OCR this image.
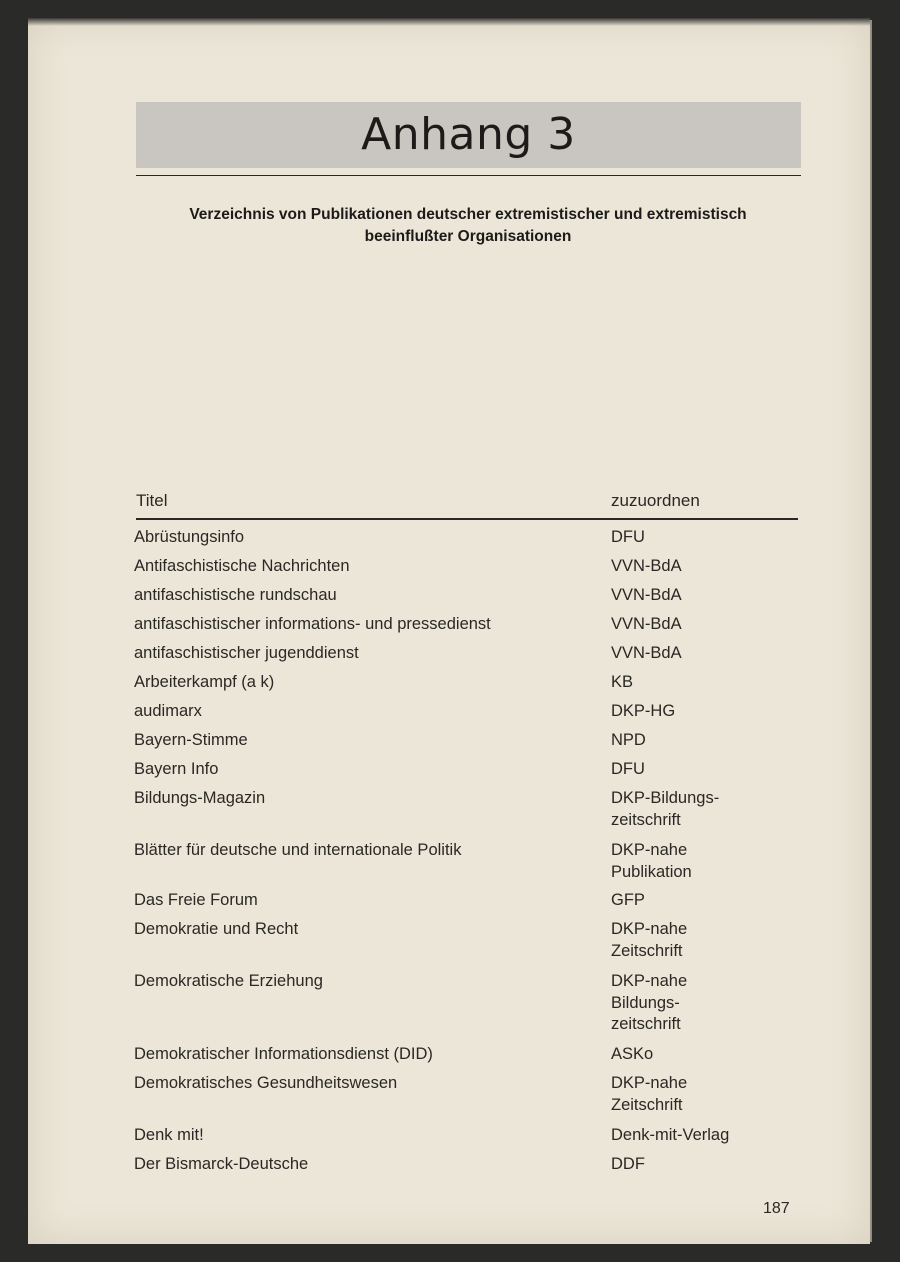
Anhang 3
Verzeichnis von Publikationen deutscher extremistischer und extremistisch
beeinflußter Organisationen
Titel	zuzuordnen
Abrüstungsinfo	DFU
Antifaschistische Nachrichten	VVN-BdA
antifaschistische rundschau	VVN-BdA
antifaschistischer informations- und pressedienst	VVN-BdA
antifaschistischer jugenddienst	VVN-BdA
Arbeiterkampf (a k)	KB
audimarx	DKP-HG
Bayern-Stimme	NPD
Bayern Info	DFU
Bildungs-Magazin	DKP-Bildungs-
zeitschrift
Blätter für deutsche und internationale Politik	DKP-nahe
Publikation
Das Freie Forum	GFP
Demokratie und Recht	DKP-nahe
Zeitschrift
Demokratische Erziehung	DKP-nahe
Bildungs-
zeitschrift
Demokratischer Informationsdienst (DID)	ASKo
Demokratisches Gesundheitswesen	DKP-nahe
Zeitschrift
Denk mit!	Denk-mit-Verlag
Der Bismarck-Deutsche	DDF
187
